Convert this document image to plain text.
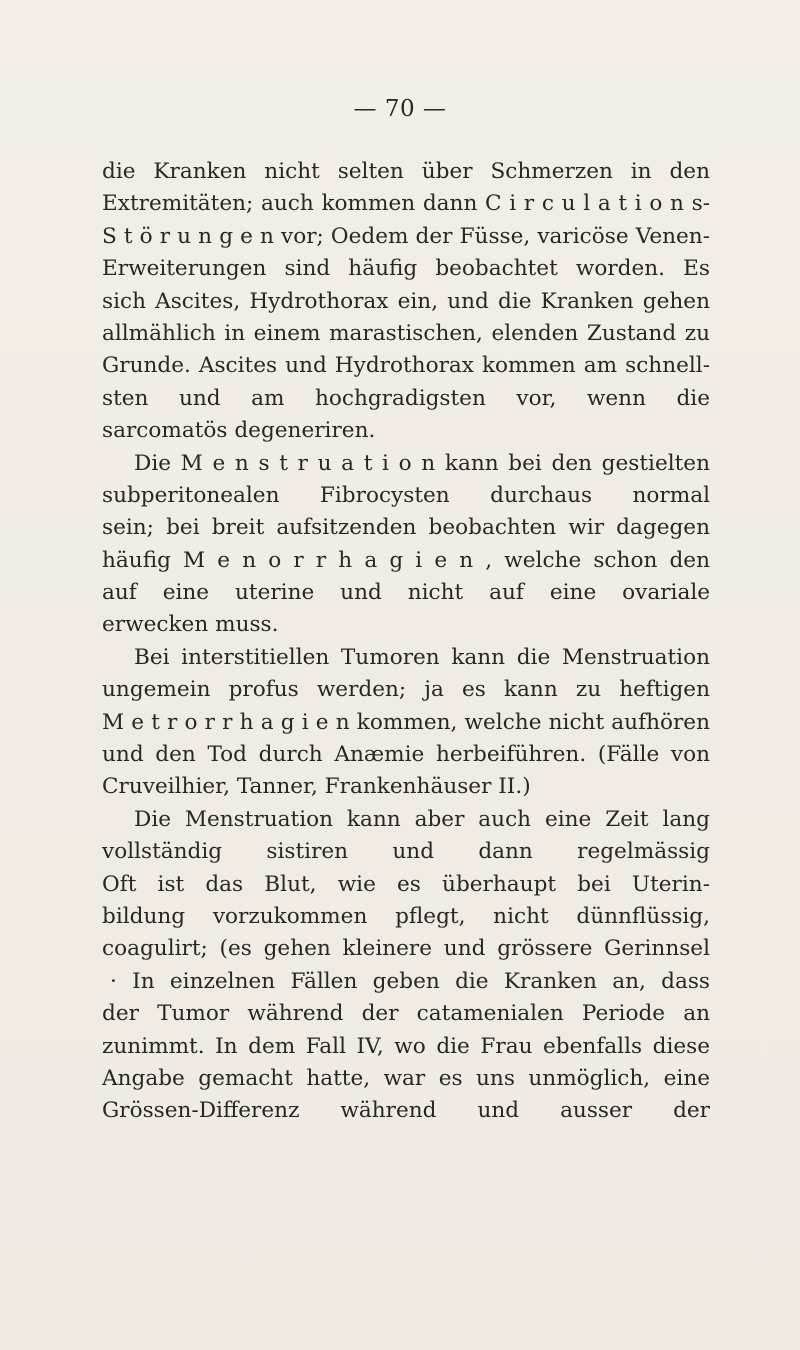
— 70 —
die Kranken nicht selten über Schmerzen in den
Extremitäten; auch kommen dann C i r c u l a t i o n s-
S t ö r u n g e n vor; Oedem der Füsse, varicöse Venen-
Erweiterungen sind häufig beobachtet worden. Es
sich Ascites, Hydrothorax ein, und die Kranken gehen
allmählich in einem marastischen, elenden Zustand zu
Grunde. Ascites und Hydrothorax kommen am schnell-
sten und am hochgradigsten vor, wenn die
sarcomatös degeneriren.
Die M e n s t r u a t i o n kann bei den gestielten
subperitonealen Fibrocysten durchaus normal
sein; bei breit aufsitzenden beobachten wir dagegen
häufig M e n o r r h a g i e n , welche schon den
auf eine uterine und nicht auf eine ovariale
erwecken muss.
Bei interstitiellen Tumoren kann die Menstruation
ungemein profus werden; ja es kann zu heftigen
M e t r o r r h a g i e n kommen, welche nicht aufhören
und den Tod durch Anæmie herbeiführen. (Fälle von
Cruveilhier, Tanner, Frankenhäuser II.)
Die Menstruation kann aber auch eine Zeit lang
vollständig sistiren und dann regelmässig
Oft ist das Blut, wie es überhaupt bei Uterin-
bildung vorzukommen pflegt, nicht dünnflüssig,
coagulirt; (es gehen kleinere und grössere Gerinnsel
· In einzelnen Fällen geben die Kranken an, dass
der Tumor während der catamenialen Periode an
zunimmt. In dem Fall IV, wo die Frau ebenfalls diese
Angabe gemacht hatte, war es uns unmöglich, eine
Grössen-Differenz während und ausser der
